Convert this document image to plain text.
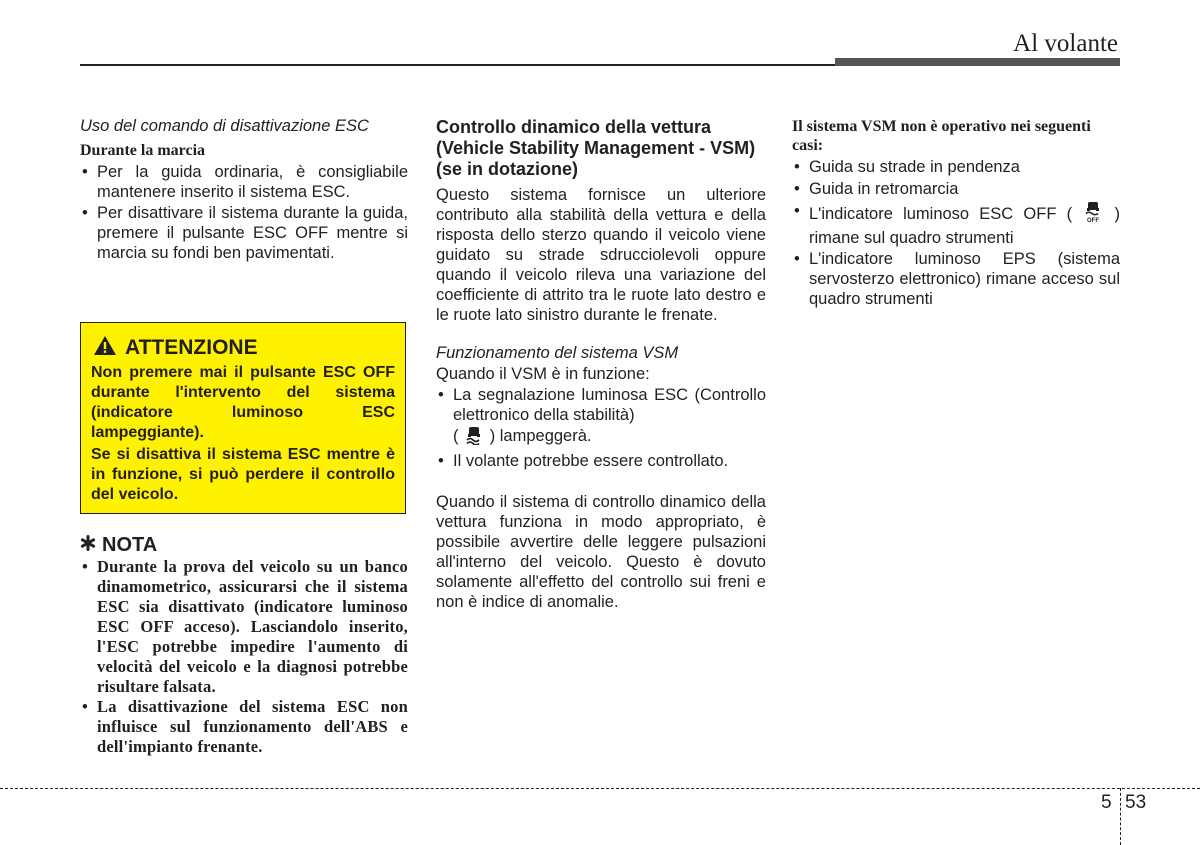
Al volante

Uso del comando di disattivazione ESC

Durante la marcia

• Per la guida ordinaria, è consigliabile mantenere inserito il sistema ESC.
• Per disattivare il sistema durante la guida, premere il pulsante ESC OFF mentre si marcia su fondi ben pavimentati.
ATTENZIONE

Non premere mai il pulsante ESC OFF durante l'intervento del sistema (indicatore luminoso ESC lampeggiante).

Se si disattiva il sistema ESC mentre è in funzione, si può perdere il controllo del veicolo.

NOTA
• Durante la prova del veicolo su un banco dinamometrico, assicurarsi che il sistema ESC sia disattivato (indicatore luminoso ESC OFF acceso). Lasciandolo inserito, l'ESC potrebbe impedire l'aumento di velocità del veicolo e la diagnosi potrebbe risultare falsata.
• La disattivazione del sistema ESC non influisce sul funzionamento dell'ABS e dell'impianto frenante.

Controllo dinamico della vettura (Vehicle Stability Management - VSM) (se in dotazione)

Questo sistema fornisce un ulteriore contributo alla stabilità della vettura e della risposta dello sterzo quando il veicolo viene guidato su strade sdrucciolevoli oppure quando il veicolo rileva una variazione del coefficiente di attrito tra le ruote lato destro e le ruote lato sinistro durante le frenate.

Funzionamento del sistema VSM

Quando il VSM è in funzione:

• La segnalazione luminosa ESC (Controllo elettronico della stabilità)
( ) lampeggerà.
• Il volante potrebbe essere controllato.

Quando il sistema di controllo dinamico della vettura funziona in modo appropriato, è possibile avvertire delle leggere pulsazioni all'interno del veicolo. Questo è dovuto solamente all'effetto del controllo sui freni e non è indice di anomalie.

Il sistema VSM non è operativo nei seguenti casi:

• Guida su strade in pendenza
• Guida in retromarcia
• L'indicatore luminoso ESC OFF (	OFF ) rimane sul quadro strumenti
• L'indicatore luminoso EPS (sistema servosterzo elettronico) rimane acceso sul quadro strumenti
5 53
